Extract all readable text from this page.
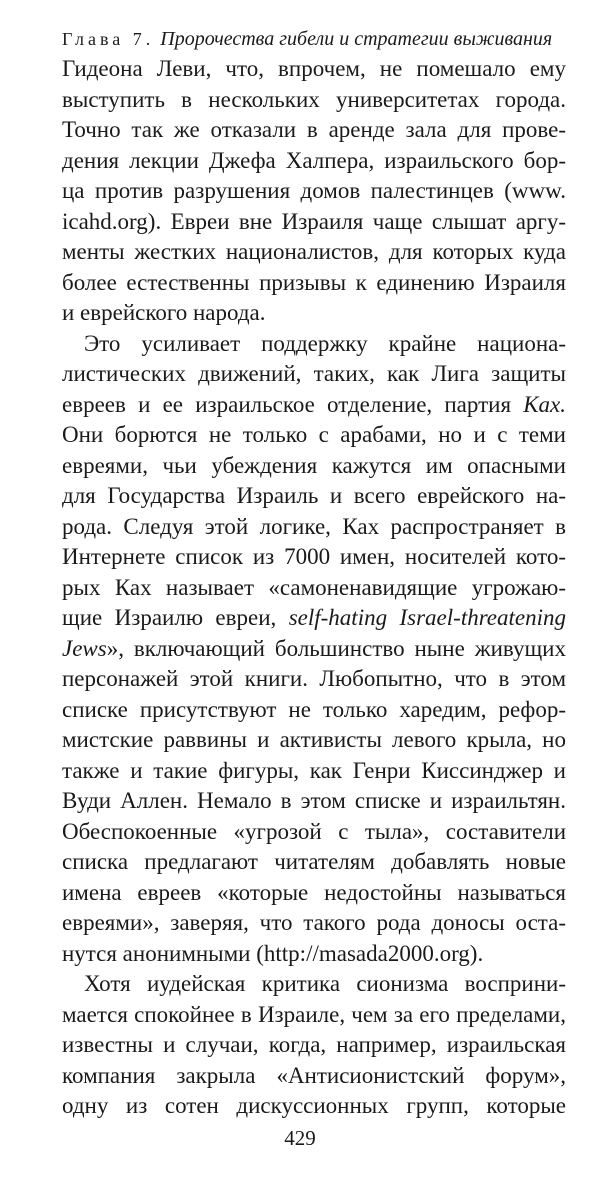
Глава 7. Пророчества гибели и стратегии выживания
Гидеона Леви, что, впрочем, не помешало ему
выступить в нескольких университетах города.
Точно так же отказали в аренде зала для прове-
дения лекции Джефа Халпера, израильского бор-
ца против разрушения домов палестинцев (www.
icahd.org). Евреи вне Израиля чаще слышат аргу-
менты жестких националистов, для которых куда
более естественны призывы к единению Израиля
и еврейского народа.
Это усиливает поддержку крайне национа-
листических движений, таких, как Лига защиты
евреев и ее израильское отделение, партия Ках.
Они борются не только с арабами, но и с теми
евреями, чьи убеждения кажутся им опасными
для Государства Израиль и всего еврейского на-
рода. Следуя этой логике, Ках распространяет в
Интернете список из 7000 имен, носителей кото-
рых Ках называет «самоненавидящие угрожаю-
щие Израилю евреи, self-hating Israel-threatening
Jews», включающий большинство ныне живущих
персонажей этой книги. Любопытно, что в этом
списке присутствуют не только харедим, рефор-
мистские раввины и активисты левого крыла, но
также и такие фигуры, как Генри Киссинджер и
Вуди Аллен. Немало в этом списке и израильтян.
Обеспокоенные «угрозой с тыла», составители
списка предлагают читателям добавлять новые
имена евреев «которые недостойны называться
евреями», заверяя, что такого рода доносы оста-
нутся анонимными (http://masada2000.org).
Хотя иудейская критика сионизма восприни-
мается спокойнее в Израиле, чем за его пределами,
известны и случаи, когда, например, израильская
компания закрыла «Антисионистский форум»,
одну из сотен дискуссионных групп, которые
429
